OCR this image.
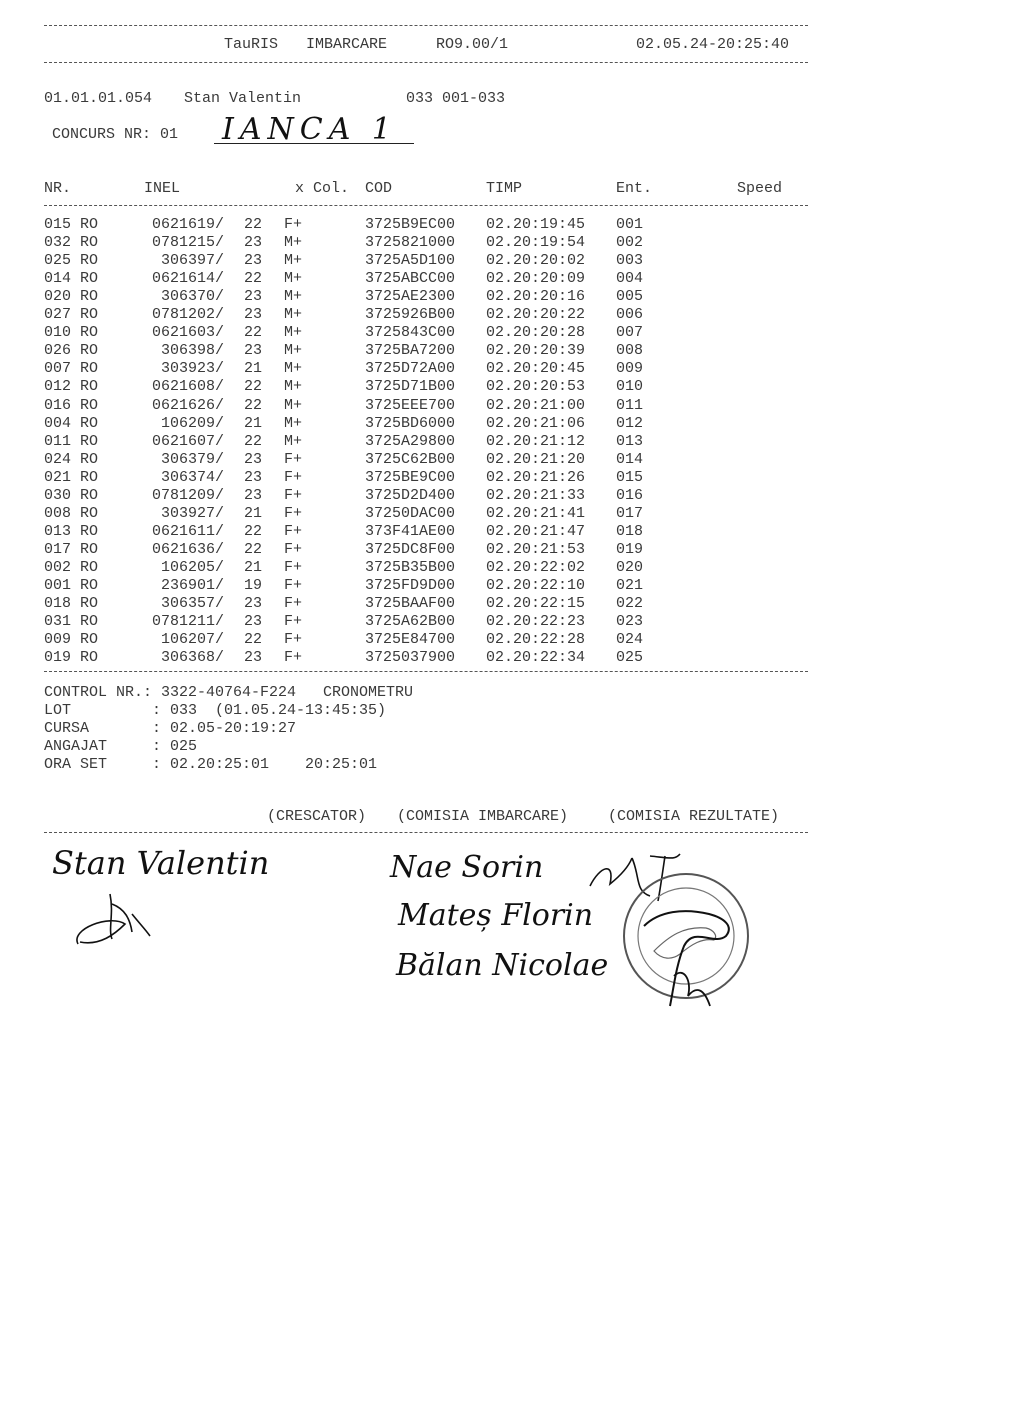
TauRIS IMBARCARE	RO9.00/1	02.05.24-20:25:40
01.01.01.054 Stan Valentin	033 001-033
CONCURS NR: 01 IANCA 1
NR.	INEL	x Col. COD	TIMP	Ent.	Speed
015 RO	0621619/ 22 F+	3725B9EC00 02.20:19:45 001
032 RO	0781215/ 23 M+	3725821000 02.20:19:54 002
025 RO	306397/ 23 M+	3725A5D100 02.20:20:02 003
014 RO	0621614/ 22 M+	3725ABCC00 02.20:20:09 004
020 RO	306370/ 23 M+	3725AE2300 02.20:20:16 005
027 RO	0781202/ 23 M+	3725926B00 02.20:20:22 006
010 RO	0621603/ 22 M+	3725843C00 02.20:20:28 007
026 RO	306398/ 23 M+	3725BA7200 02.20:20:39 008
007 RO	303923/ 21 M+	3725D72A00 02.20:20:45 009
012 RO	0621608/ 22 M+	3725D71B00 02.20:20:53 010
016 RO	0621626/ 22 M+	3725EEE700 02.20:21:00 011
004 RO	106209/ 21 M+	3725BD6000 02.20:21:06 012
011 RO	0621607/ 22 M+	3725A29800 02.20:21:12 013
024 RO	306379/ 23 F+	3725C62B00 02.20:21:20 014
021 RO	306374/ 23 F+	3725BE9C00 02.20:21:26 015
030 RO	0781209/ 23 F+	3725D2D400 02.20:21:33 016
008 RO	303927/ 21 F+	37250DAC00 02.20:21:41 017
013 RO	0621611/ 22 F+	373F41AE00 02.20:21:47 018
017 RO	0621636/ 22 F+	3725DC8F00 02.20:21:53 019
002 RO	106205/ 21 F+	3725B35B00 02.20:22:02 020
001 RO	236901/ 19 F+	3725FD9D00 02.20:22:10 021
018 RO	306357/ 23 F+	3725BAAF00 02.20:22:15 022
031 RO	0781211/ 23 F+	3725A62B00 02.20:22:23 023
009 RO	106207/ 22 F+	3725E84700 02.20:22:28 024
019 RO	306368/ 23 F+	3725037900 02.20:22:34 025
CONTROL NR.: 3322-40764-F224   CRONOMETRU
LOT         : 033  (01.05.24-13:45:35)
CURSA       : 02.05-20:19:27
ANGAJAT     : 025
ORA SET     : 02.20:25:01    20:25:01
(CRESCATOR) (COMISIA IMBARCARE)	(COMISIA REZULTATE)
Stan Valentin	Nae Sorin
Mateș Florin
Bălan Nicolae
